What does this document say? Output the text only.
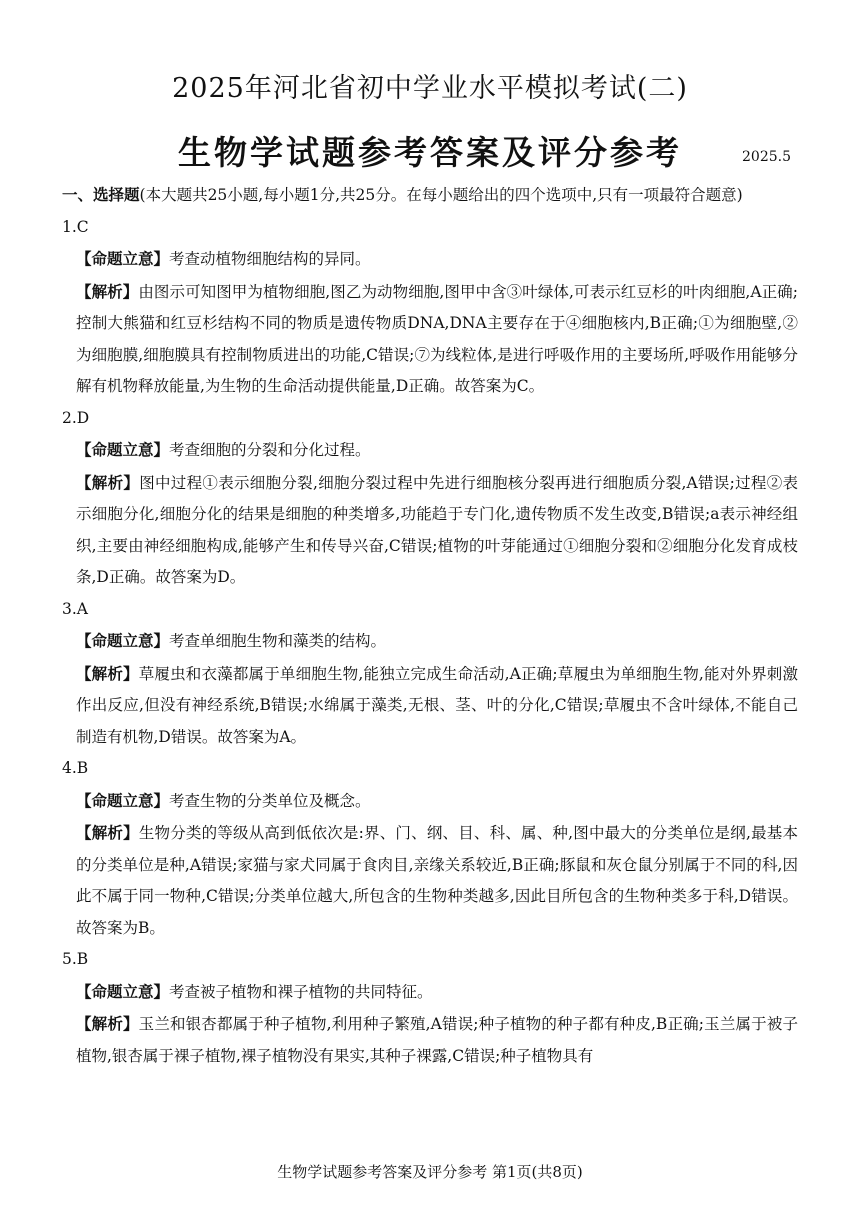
2025年河北省初中学业水平模拟考试(二)
生物学试题参考答案及评分参考	2025.5

一、选择题(本大题共25小题,每小题1分,共25分。在每小题给出的四个选项中,只有一项最符合题意)

1.C

【命题立意】考查动植物细胞结构的异同。

【解析】由图示可知图甲为植物细胞,图乙为动物细胞,图甲中含③叶绿体,可表示红豆杉的叶肉细胞,A正确;控制大熊猫和红豆杉结构不同的物质是遗传物质DNA,DNA主要存在于④细胞核内,B正确;①为细胞壁,②为细胞膜,细胞膜具有控制物质进出的功能,C错误;⑦为线粒体,是进行呼吸作用的主要场所,呼吸作用能够分解有机物释放能量,为生物的生命活动提供能量,D正确。故答案为C。

2.D

【命题立意】考查细胞的分裂和分化过程。

【解析】图中过程①表示细胞分裂,细胞分裂过程中先进行细胞核分裂再进行细胞质分裂,A错误;过程②表示细胞分化,细胞分化的结果是细胞的种类增多,功能趋于专门化,遗传物质不发生改变,B错误;a表示神经组织,主要由神经细胞构成,能够产生和传导兴奋,C错误;植物的叶芽能通过①细胞分裂和②细胞分化发育成枝条,D正确。故答案为D。

3.A

【命题立意】考查单细胞生物和藻类的结构。

【解析】草履虫和衣藻都属于单细胞生物,能独立完成生命活动,A正确;草履虫为单细胞生物,能对外界刺激作出反应,但没有神经系统,B错误;水绵属于藻类,无根、茎、叶的分化,C错误;草履虫不含叶绿体,不能自己制造有机物,D错误。故答案为A。

4.B

【命题立意】考查生物的分类单位及概念。

【解析】生物分类的等级从高到低依次是:界、门、纲、目、科、属、种,图中最大的分类单位是纲,最基本的分类单位是种,A错误;家猫与家犬同属于食肉目,亲缘关系较近,B正确;豚鼠和灰仓鼠分别属于不同的科,因此不属于同一物种,C错误;分类单位越大,所包含的生物种类越多,因此目所包含的生物种类多于科,D错误。故答案为B。

5.B

【命题立意】考查被子植物和裸子植物的共同特征。

【解析】玉兰和银杏都属于种子植物,利用种子繁殖,A错误;种子植物的种子都有种皮,B正确;玉兰属于被子植物,银杏属于裸子植物,裸子植物没有果实,其种子裸露,C错误;种子植物具有

生物学试题参考答案及评分参考 第1页(共8页)
